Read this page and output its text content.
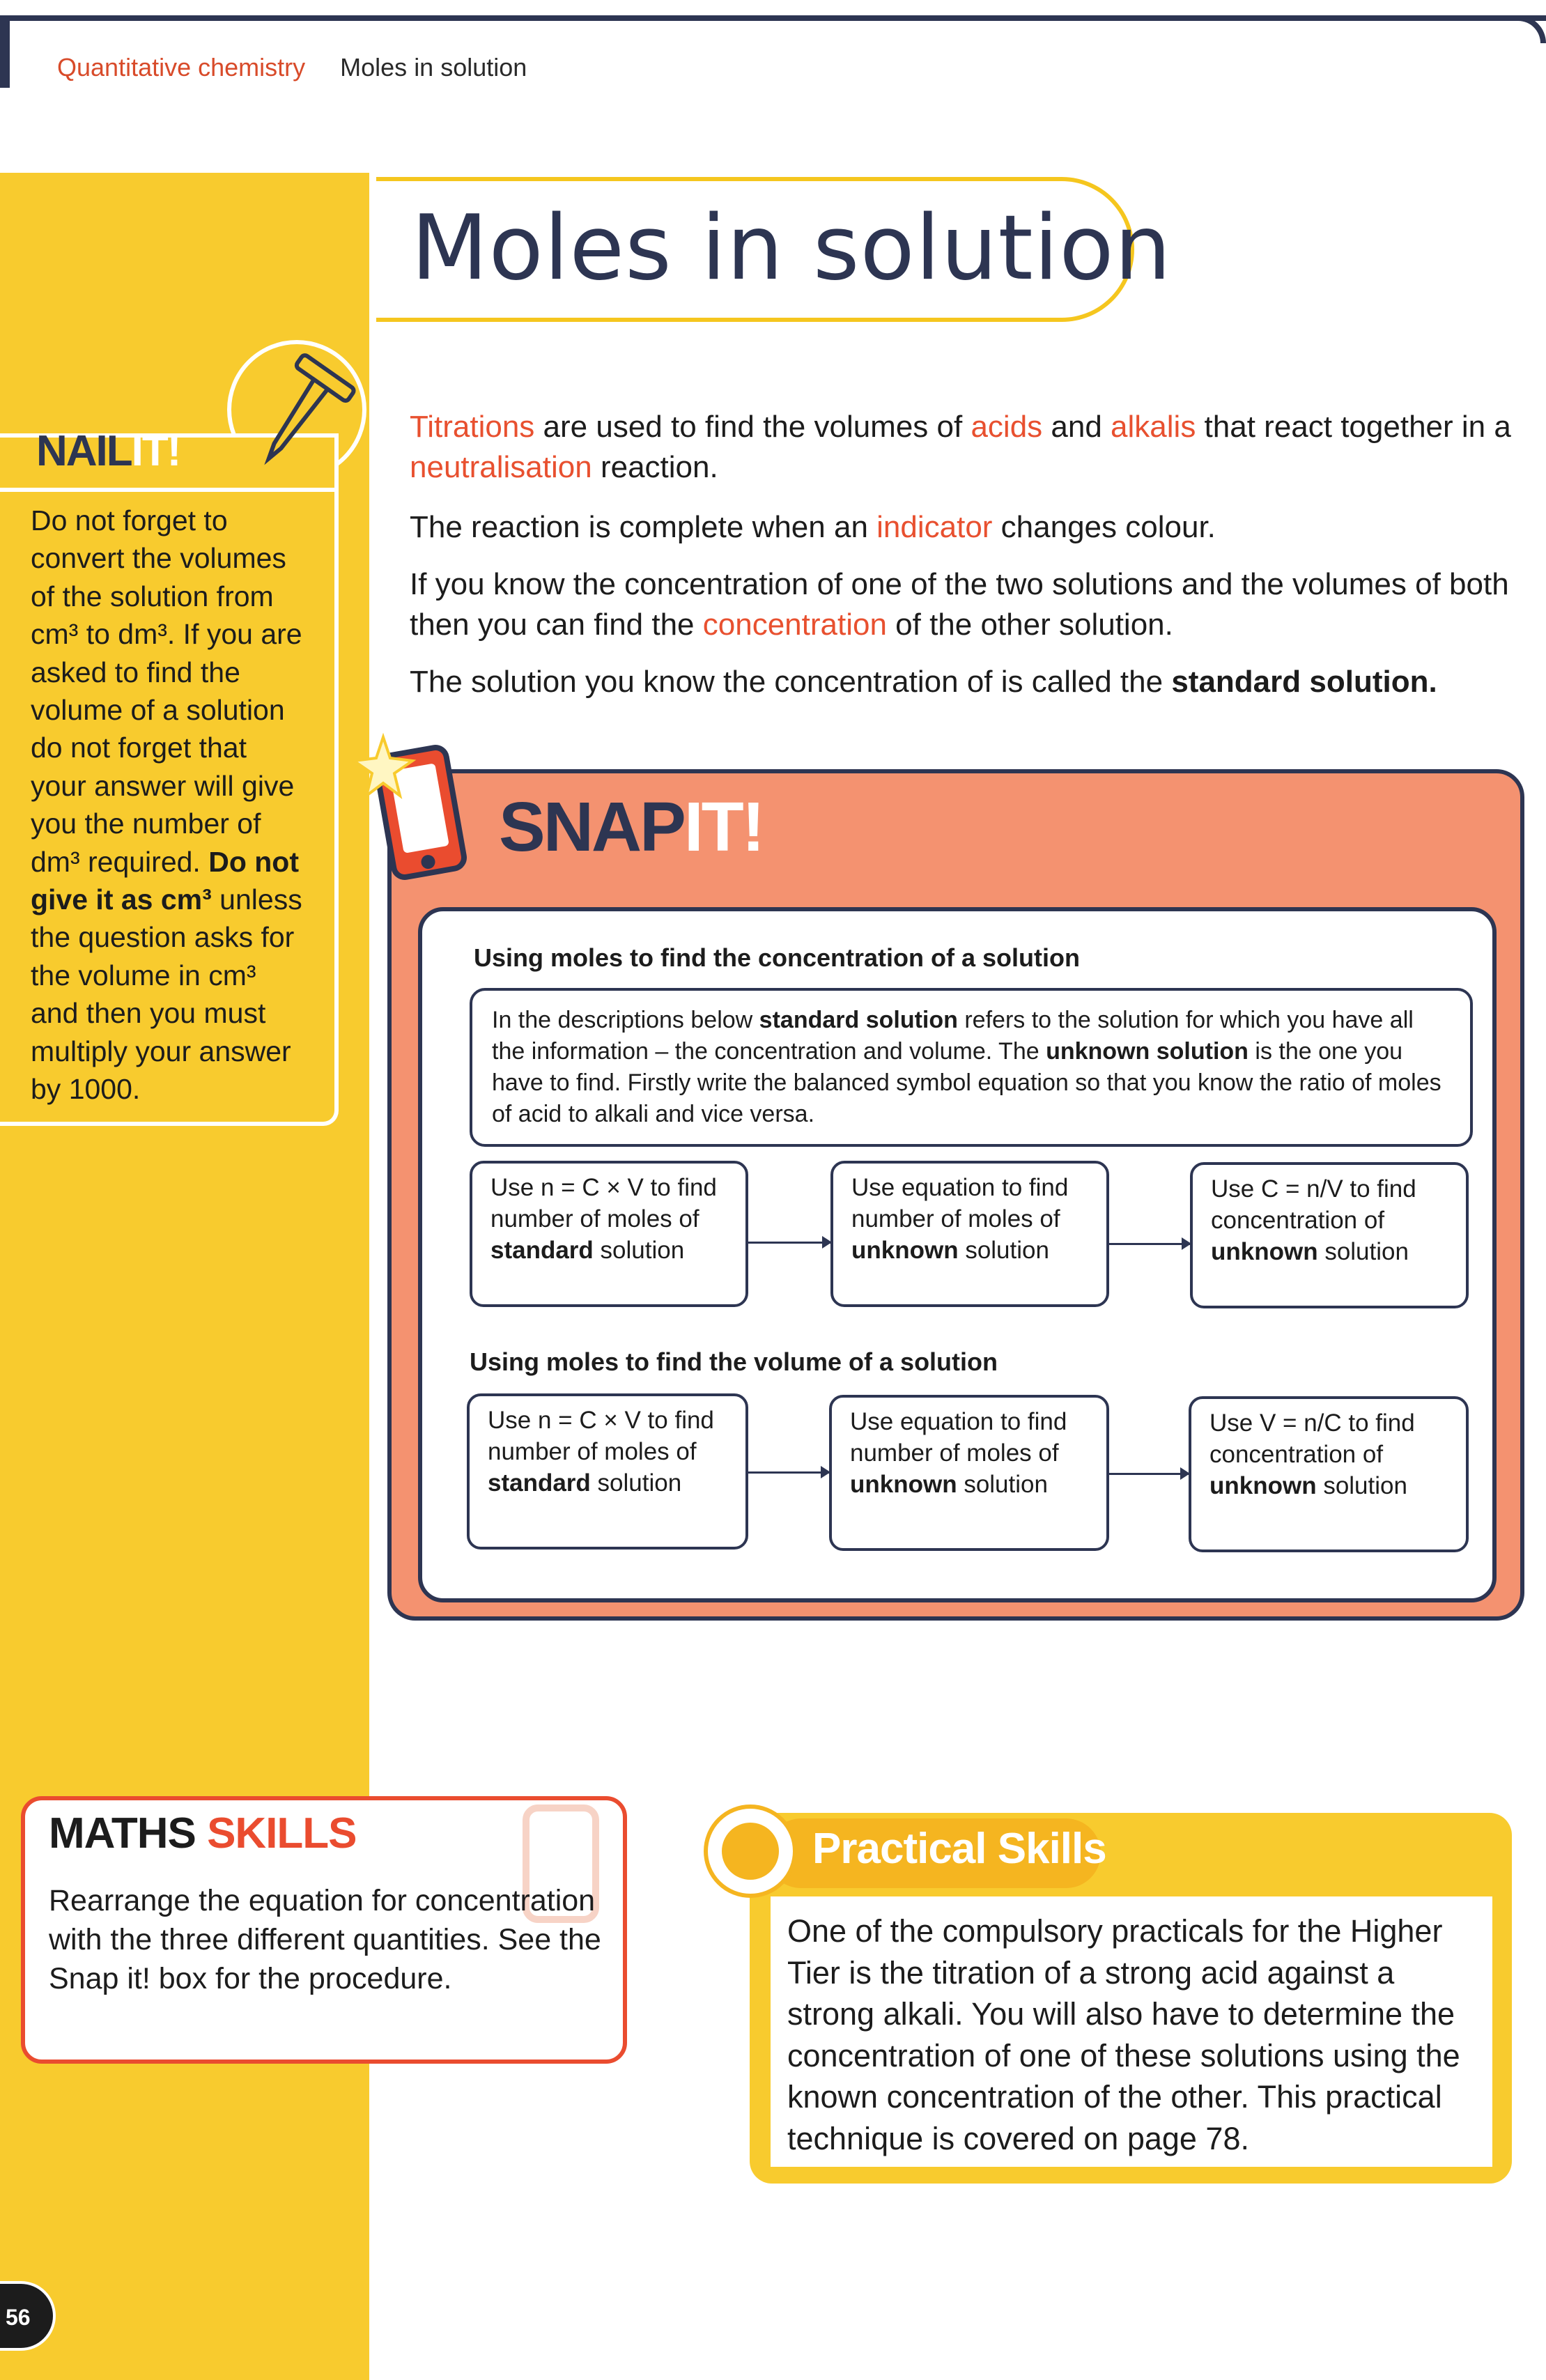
Quantitative chemistry Moles in solution
Moles in solution
NAILIT!
Do not forget to convert the volumes of the solution from cm³ to dm³. If you are asked to find the volume of a solution do not forget that your answer will give you the number of dm³ required. Do not give it as cm³ unless the question asks for the volume in cm³ and then you must multiply your answer by 1000.
Titrations are used to find the volumes of acids and alkalis that react together in a neutralisation reaction.
The reaction is complete when an indicator changes colour.
If you know the concentration of one of the two solutions and the volumes of both then you can find the concentration of the other solution.
The solution you know the concentration of is called the standard solution.
SNAPIT!
Using moles to find the concentration of a solution
In the descriptions below standard solution refers to the solution for which you have all the information – the concentration and volume. The unknown solution is the one you have to find. Firstly write the balanced symbol equation so that you know the ratio of moles of acid to alkali and vice versa.
Use n = C × V to find number of moles of standard solution
Use equation to find number of moles of unknown solution
Use C = n/V to find concentration of unknown solution
Using moles to find the volume of a solution
Use n = C × V to find number of moles of standard solution
Use equation to find number of moles of unknown solution
Use V = n/C to find concentration of unknown solution
MATHS SKILLS
Rearrange the equation for concentration with the three different quantities. See the Snap it! box for the procedure.
Practical Skills
One of the compulsory practicals for the Higher Tier is the titration of a strong acid against a strong alkali. You will also have to determine the concentration of one of these solutions using the known concentration of the other. This practical technique is covered on page 78.
56
